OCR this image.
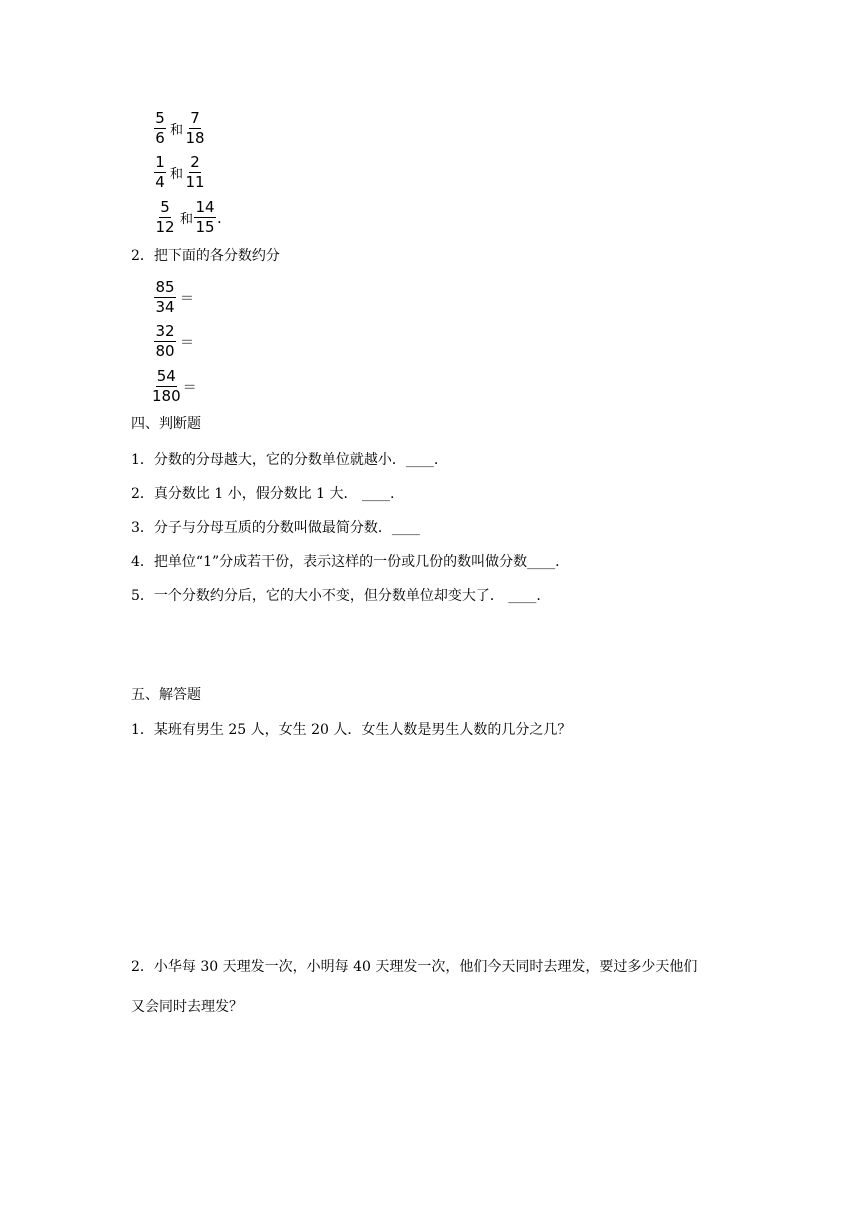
$\frac{5}{6}$ 和 $\frac{7}{18}$
$\frac{1}{4}$ 和 $\frac{2}{11}$
$\frac{5}{12}$ 和 $\frac{14}{15}$ .
2．把下面的各分数约分
$\frac{85}{34}$ ＝
$\frac{32}{80}$ ＝
$\frac{54}{180}$ ＝
四、判断题
1．分数的分母越大，它的分数单位就越小．____.
2．真分数比 1 小，假分数比 1 大． ____.
3．分子与分母互质的分数叫做最简分数．____
4．把单位“1”分成若干份，表示这样的一份或几份的数叫做分数____.
5．一个分数约分后，它的大小不变，但分数单位却变大了． ____.
五、解答题
1．某班有男生 25 人，女生 20 人．女生人数是男生人数的几分之几？
2．小华每 30 天理发一次，小明每 40 天理发一次，他们今天同时去理发，要过多少天他们
又会同时去理发？
